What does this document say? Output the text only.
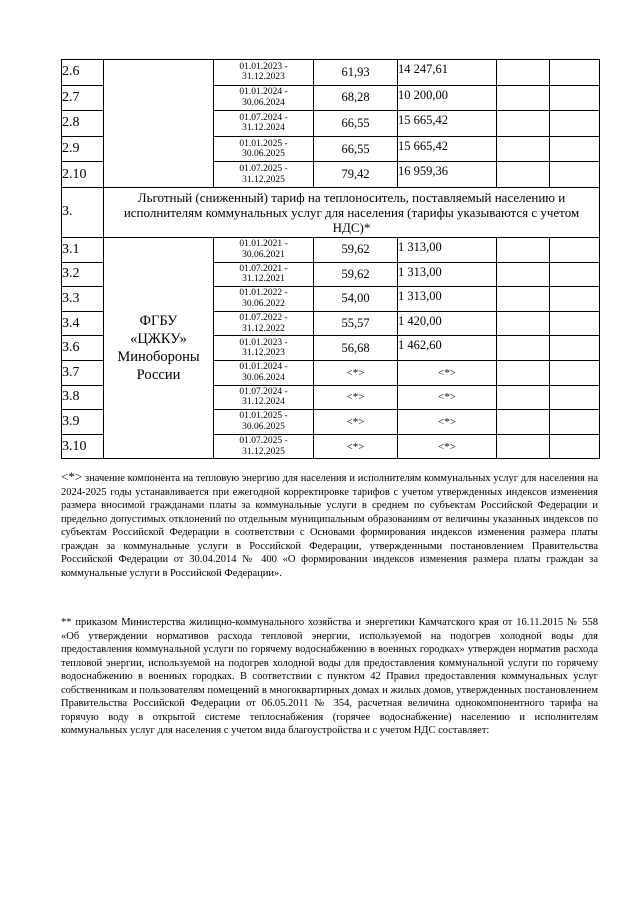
2.6		01.01.2023 -
31.12.2023	61,93	14 247,61		
2.7		01.01.2024 -
30.06.2024	68,28	10 200,00		
2.8		01.07.2024 -
31.12.2024	66,55	15 665,42		
2.9		01.01.2025 -
30.06.2025	66,55	15 665,42		
2.10		01.07.2025 -
31.12.2025	79,42	16 959,36		
3.	Льготный (сниженный) тариф на теплоноситель, поставляемый населению и исполнителям коммунальных услуг для населения (тарифы указываются с учетом НДС)*					
3.1	ФГБУ
«ЦЖКУ»
Минобороны
России	01.01.2021 -
30.06.2021	59,62	1 313,00		
3.2		01.07.2021 -
31.12.2021	59,62	1 313,00		
3.3		01.01.2022 -
30.06.2022	54,00	1 313,00		
3.4		01.07.2022 -
31.12.2022	55,57	1 420,00		
3.6		01.01.2023 -
31.12.2023	56,68	1 462,60		
3.7		01.01.2024 -
30.06.2024	<*>	<*>		
3.8		01.07.2024 -
31.12.2024	<*>	<*>		
3.9		01.01.2025 -
30.06.2025	<*>	<*>		
3.10		01.07.2025 -
31.12.2025	<*>	<*>		

<*> значение компонента на тепловую энергию для населения и исполнителям коммунальных услуг для населения на 2024-2025 годы устанавливается при ежегодной корректировке тарифов с учетом утвержденных индексов изменения размера вносимой гражданами платы за коммунальные услуги в среднем по субъектам Российской Федерации и предельно допустимых отклонений по отдельным муниципальным образованиям от величины указанных индексов по субъектам Российской Федерации в соответствии с Основами формирования индексов изменения размера платы граждан за коммунальные услуги в Российской Федерации, утвержденными постановлением Правительства Российской Федерации от 30.04.2014 № 400 «О формировании индексов изменения размера платы граждан за коммунальные услуги в Российской Федерации».

** приказом Министерства жилищно-коммунального хозяйства и энергетики Камчатского края от 16.11.2015 № 558 «Об утверждении нормативов расхода тепловой энергии, используемой на подогрев холодной воды для предоставления коммунальной услуги по горячему водоснабжению в военных городках» утвержден норматив расхода тепловой энергии, используемой на подогрев холодной воды для предоставления коммунальной услуги по горячему водоснабжению в военных городках. В соответствии с пунктом 42 Правил предоставления коммунальных услуг собственникам и пользователям помещений в многоквартирных домах и жилых домов, утвержденных постановлением Правительства Российской Федерации от 06.05.2011 № 354, расчетная величина однокомпонентного тарифа на горячую воду в открытой системе теплоснабжения (горячее водоснабжение) населению и исполнителям коммунальных услуг для населения с учетом вида благоустройства и с учетом НДС составляет:
